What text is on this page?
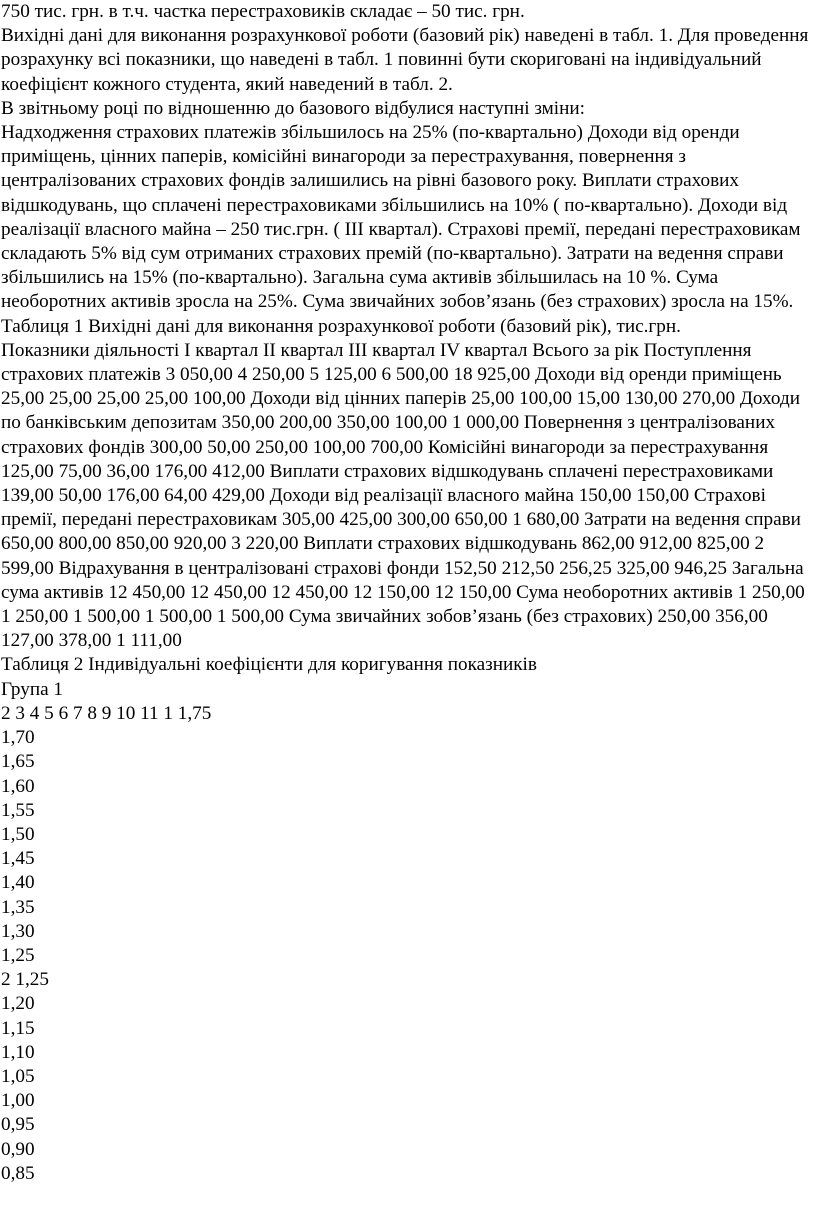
750 тис. грн. в т.ч. частка перестраховиків складає – 50 тис. грн.

Вихідні дані для виконання розрахункової роботи (базовий рік) наведені в табл. 1. Для проведення розрахунку всі показники, що наведені в табл. 1 повинні бути скориговані на індивідуальний коефіцієнт кожного студента, який наведений в табл. 2.

В звітньому році по відношенню до базового відбулися наступні зміни:

Надходження страхових платежів збільшилось на 25% (по-квартально) Доходи від оренди приміщень, цінних паперів, комісійні винагороди за перестрахування, повернення з централізованих страхових фондів залишились на рівні базового року. Виплати страхових відшкодувань, що сплачені перестраховиками збільшились на 10% ( по-квартально). Доходи від реалізації власного майна – 250 тис.грн. ( III квартал). Страхові премії, передані перестраховикам складають 5% від сум отриманих страхових премій (по-квартально). Затрати на ведення справи збільшились на 15% (по-квартально). Загальна сума активів збільшилась на 10 %. Сума необоротних активів зросла на 25%. Сума звичайних зобов’язань (без страхових) зросла на 15%.

Таблиця 1 Вихідні дані для виконання розрахункової роботи (базовий рік), тис.грн.

Показники діяльності I квартал II квартал III квартал IV квартал Всього за рік Поступлення страхових платежів 3 050,00 4 250,00 5 125,00 6 500,00 18 925,00 Доходи від оренди приміщень 25,00 25,00 25,00 25,00 100,00 Доходи від цінних паперів 25,00 100,00 15,00 130,00 270,00 Доходи по банківським депозитам 350,00 200,00 350,00 100,00 1 000,00 Повернення з централізованих страхових фондів 300,00 50,00 250,00 100,00 700,00 Комісійні винагороди за перестрахування 125,00 75,00 36,00 176,00 412,00 Виплати страхових відшкодувань сплачені перестраховиками 139,00 50,00 176,00 64,00 429,00 Доходи від реалізації власного майна 150,00 150,00 Страхові премії, передані перестраховикам 305,00 425,00 300,00 650,00 1 680,00 Затрати на ведення справи 650,00 800,00 850,00 920,00 3 220,00 Виплати страхових відшкодувань 862,00 912,00 825,00 2 599,00 Відрахування в централізовані страхові фонди 152,50 212,50 256,25 325,00 946,25 Загальна сума активів 12 450,00 12 450,00 12 450,00 12 150,00 12 150,00 Сума необоротних активів 1 250,00 1 250,00 1 500,00 1 500,00 1 500,00 Сума звичайних зобов’язань (без страхових) 250,00 356,00 127,00 378,00 1 111,00

Таблиця 2 Індивідуальні коефіцієнти для коригування показників

Група 1

2 3 4 5 6 7 8 9 10 11 1 1,75

1,70

1,65

1,60

1,55

1,50

1,45

1,40

1,35

1,30

1,25

2 1,25

1,20

1,15

1,10

1,05

1,00

0,95

0,90

0,85
